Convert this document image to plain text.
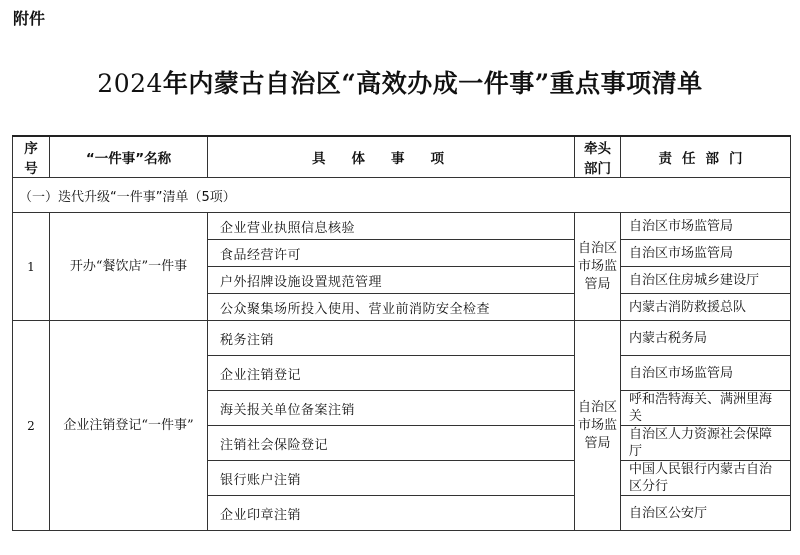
附件
2024年内蒙古自治区“高效办成一件事”重点事项清单
序号	“一件事”名称	具体事项	牵头部门	责任部门
（一）迭代升级“一件事”清单（5项）				
1	开办“餐饮店”一件事	企业营业执照信息核验	自治区市场监管局	自治区市场监管局
		食品经营许可		自治区市场监管局
		户外招牌设施设置规范管理		自治区住房城乡建设厅
		公众聚集场所投入使用、营业前消防安全检查		内蒙古消防救援总队
2	企业注销登记“一件事”	税务注销	自治区市场监管局	内蒙古税务局
		企业注销登记		自治区市场监管局
		海关报关单位备案注销		呼和浩特海关、满洲里海关
		注销社会保险登记		自治区人力资源社会保障厅
		银行账户注销		中国人民银行内蒙古自治区分行
		企业印章注销		自治区公安厅
